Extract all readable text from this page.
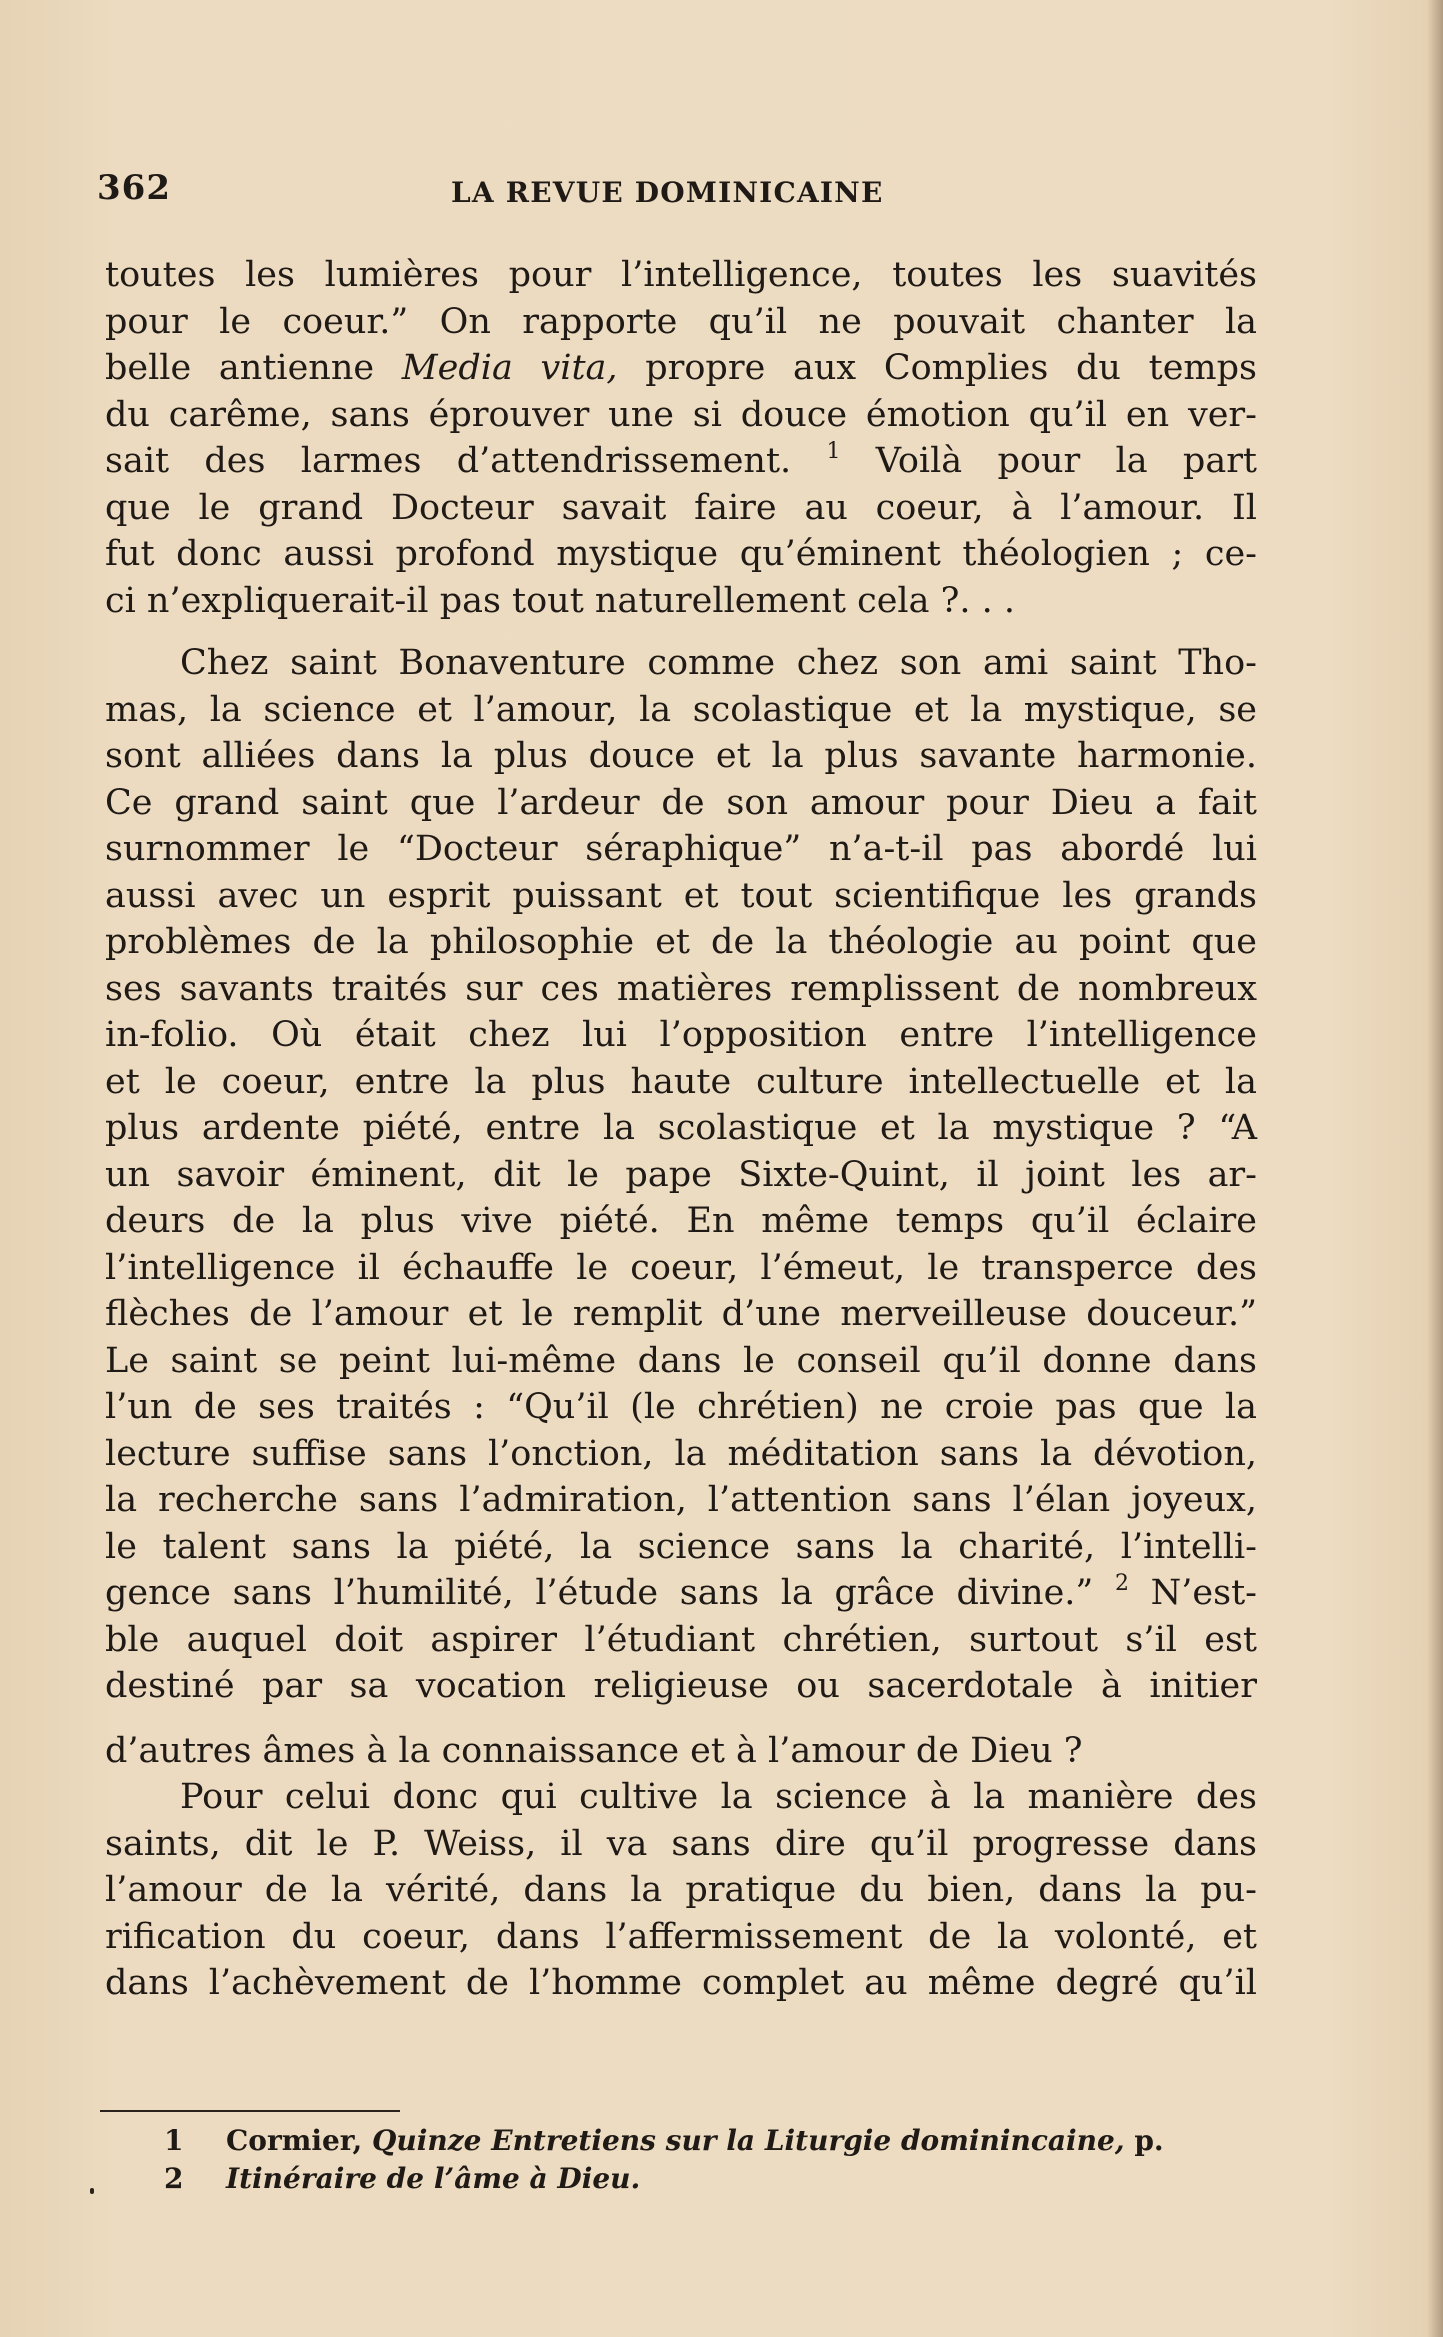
362	LA REVUE DOMINICAINE
toutes les lumières pour l’intelligence, toutes les suavités
pour le coeur.” On rapporte qu’il ne pouvait chanter la
belle antienne Media vita, propre aux Complies du temps
du carême, sans éprouver une si douce émotion qu’il en ver-
sait des larmes d’attendrissement. $^1$ Voilà pour la part
que le grand Docteur savait faire au coeur, à l’amour. Il
fut donc aussi profond mystique qu’éminent théologien ; ce-
ci n’expliquerait-il pas tout naturellement cela ?. . .
Chez saint Bonaventure comme chez son ami saint Tho-
mas, la science et l’amour, la scolastique et la mystique, se
sont alliées dans la plus douce et la plus savante harmonie.
Ce grand saint que l’ardeur de son amour pour Dieu a fait
surnommer le “Docteur séraphique” n’a-t-il pas abordé lui
aussi avec un esprit puissant et tout scientifique les grands
problèmes de la philosophie et de la théologie au point que
ses savants traités sur ces matières remplissent de nombreux
in-folio. Où était chez lui l’opposition entre l’intelligence
et le coeur, entre la plus haute culture intellectuelle et la
plus ardente piété, entre la scolastique et la mystique ? “A
un savoir éminent, dit le pape Sixte-Quint, il joint les ar-
deurs de la plus vive piété. En même temps qu’il éclaire
l’intelligence il échauffe le coeur, l’émeut, le transperce des
flèches de l’amour et le remplit d’une merveilleuse douceur.”
Le saint se peint lui-même dans le conseil qu’il donne dans
l’un de ses traités : “Qu’il (le chrétien) ne croie pas que la
lecture suffise sans l’onction, la méditation sans la dévotion,
la recherche sans l’admiration, l’attention sans l’élan joyeux,
le talent sans la piété, la science sans la charité, l’intelli-
gence sans l’humilité, l’étude sans la grâce divine.” $^2$ N’est-
ble auquel doit aspirer l’étudiant chrétien, surtout s’il est
destiné par sa vocation religieuse ou sacerdotale à initier
d’autres âmes à la connaissance et à l’amour de Dieu ?
Pour celui donc qui cultive la science à la manière des
saints, dit le P. Weiss, il va sans dire qu’il progresse dans
l’amour de la vérité, dans la pratique du bien, dans la pu-
rification du coeur, dans l’affermissement de la volonté, et
dans l’achèvement de l’homme complet au même degré qu’il
1	Cormier, Quinze Entretiens sur la Liturgie dominincaine, p.
2	Itinéraire de l’âme à Dieu.
